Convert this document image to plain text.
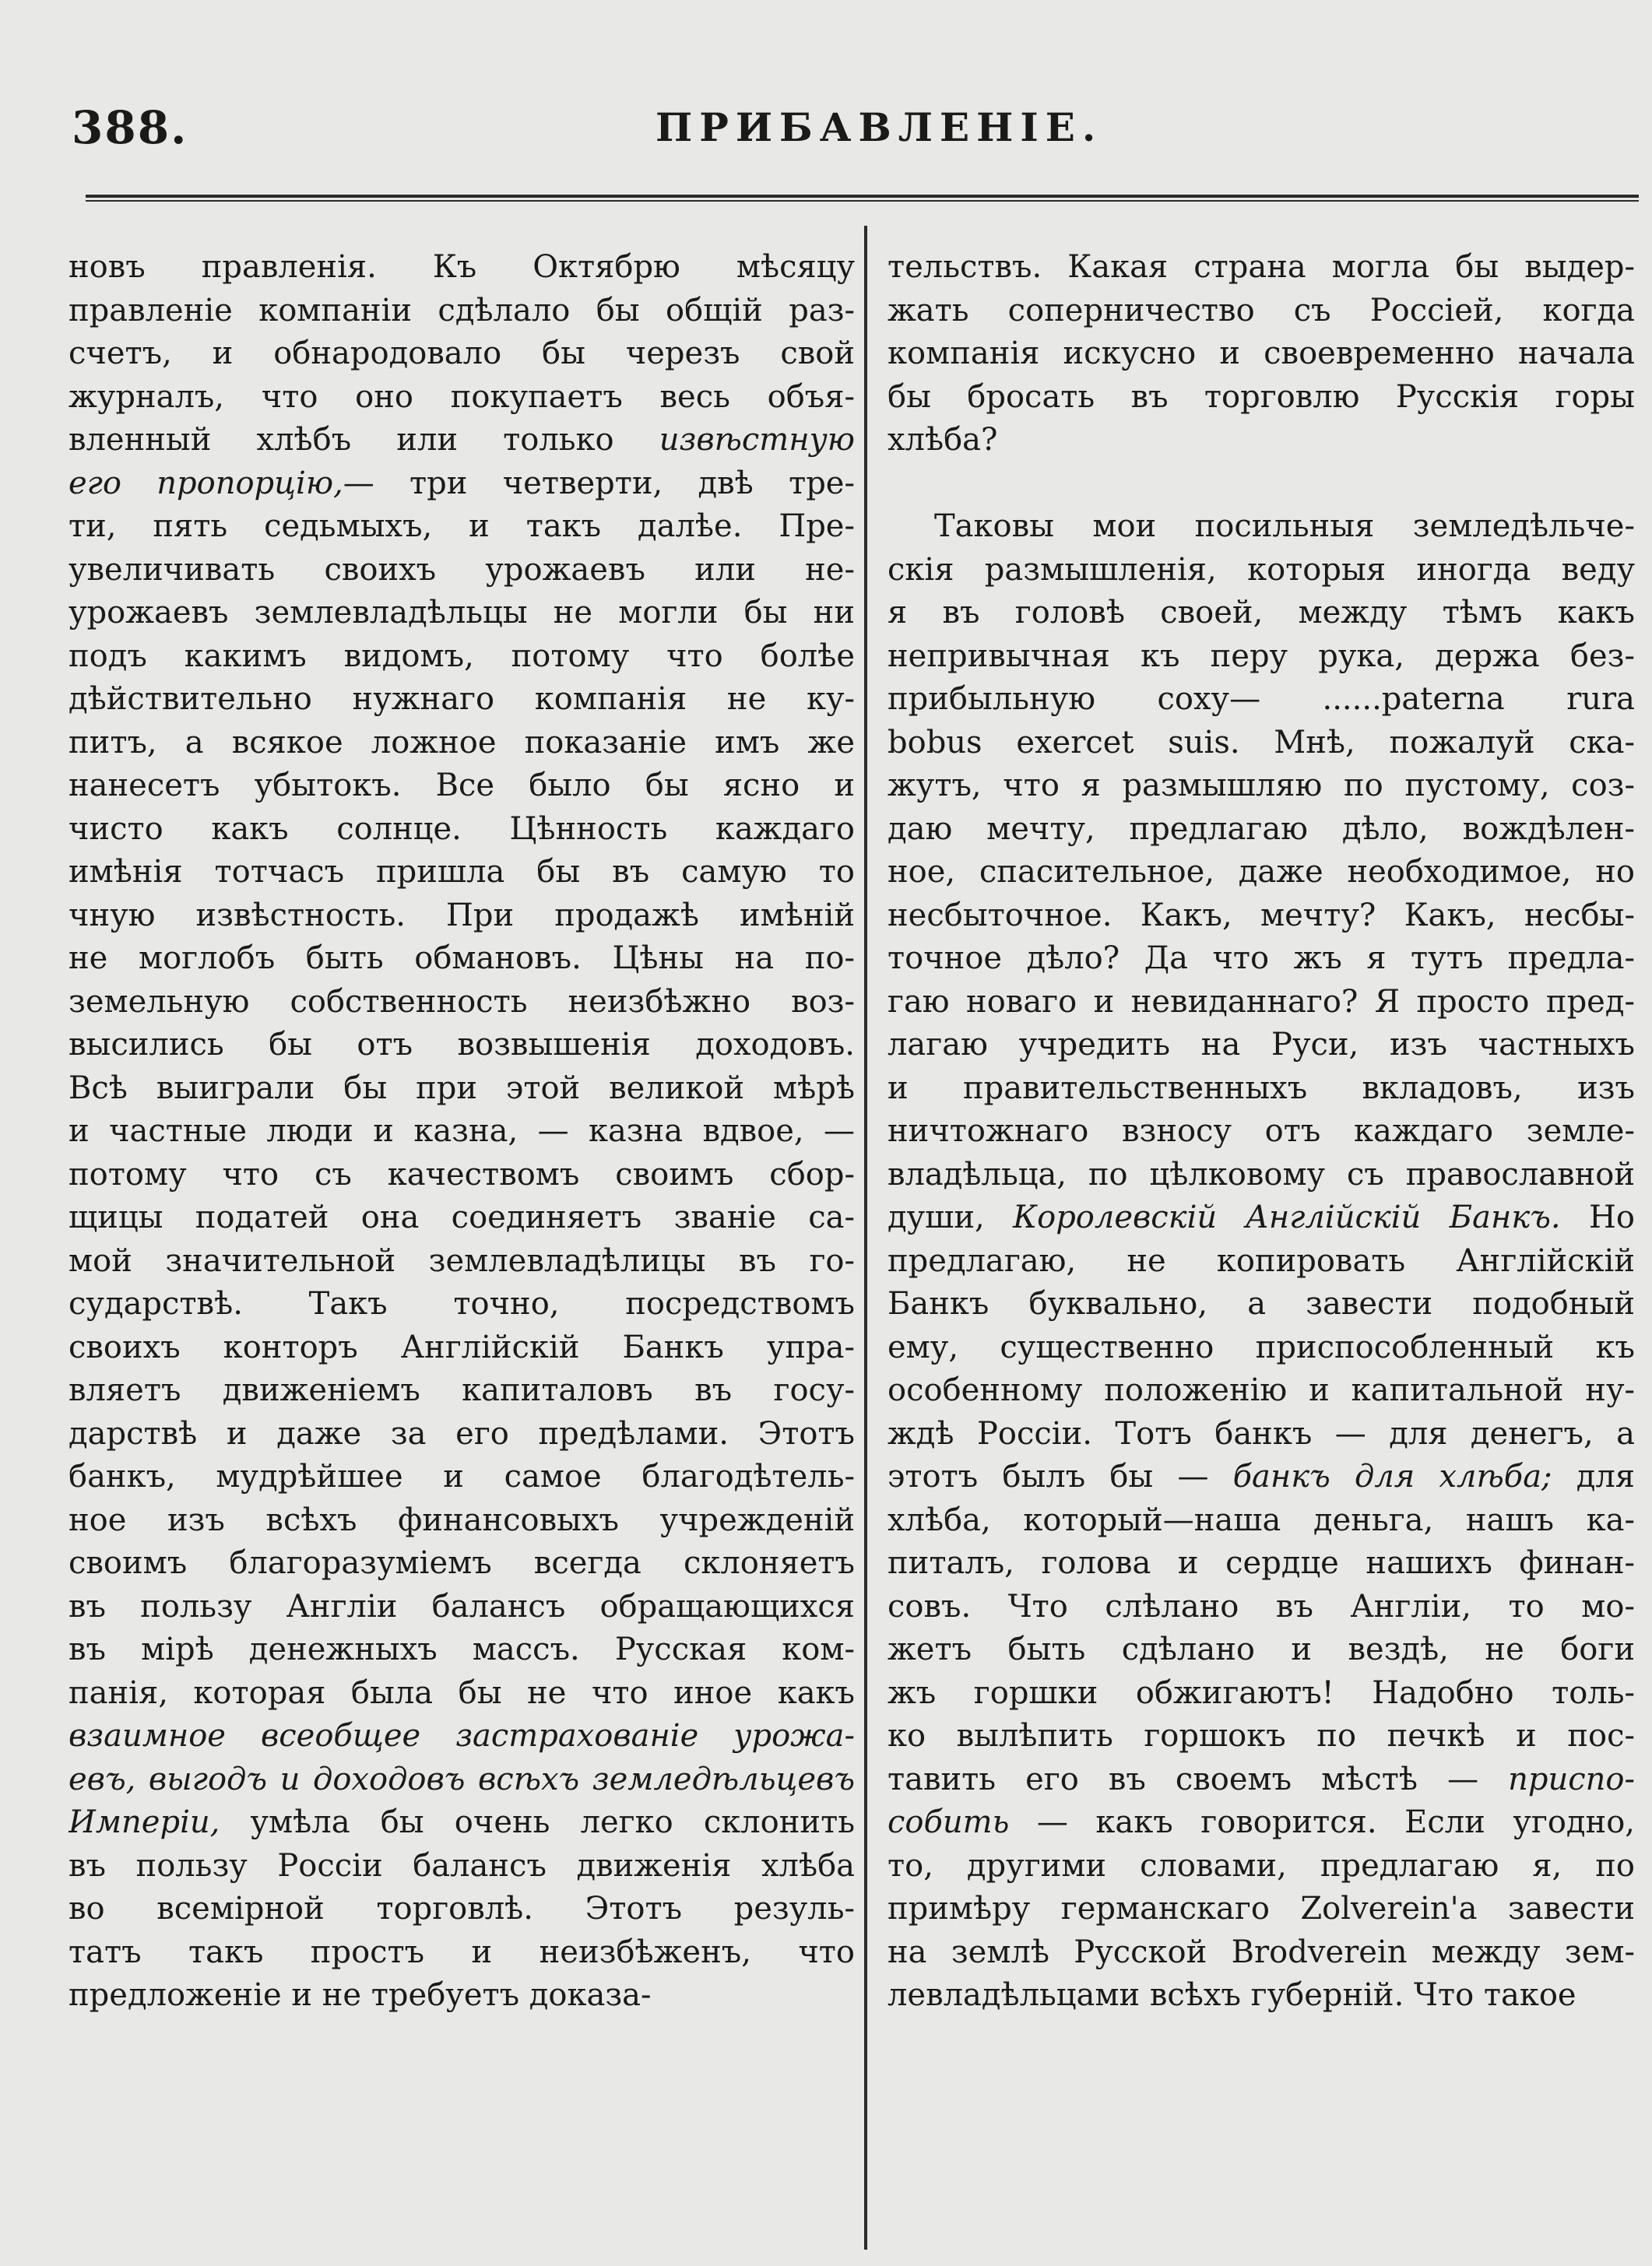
388.	ПРИБАВЛЕНІЕ.
новъ правленія. Къ Октябрю мѣсяцу
правленіе компаніи сдѣлало бы общій раз-
счетъ, и обнародовало бы черезъ свой
журналъ, что оно покупаетъ весь объя-
вленный хлѣбъ или только извѣстную
его пропорцію,— три четверти, двѣ тре-
ти, пять седьмыхъ, и такъ далѣе. Пре-
увеличивать своихъ урожаевъ или не-
урожаевъ землевладѣльцы не могли бы ни
подъ какимъ видомъ, потому что болѣе
дѣйствительно нужнаго компанія не ку-
питъ, а всякое ложное показаніе имъ же
нанесетъ убытокъ. Все было бы ясно и
чисто какъ солнце. Цѣнность каждаго
имѣнія тотчасъ пришла бы въ самую то
чную извѣстность. При продажѣ имѣній
не моглобъ быть обмановъ. Цѣны на по-
земельную собственность неизбѣжно воз-
высились бы отъ возвышенія доходовъ.
Всѣ выиграли бы при этой великой мѣрѣ
и частные люди и казна, — казна вдвое, —
потому что съ качествомъ своимъ сбор-
щицы податей она соединяетъ званіе са-
мой значительной землевладѣлицы въ го-
сударствѣ. Такъ точно, посредствомъ
своихъ конторъ Англійскій Банкъ упра-
вляетъ движеніемъ капиталовъ въ госу-
дарствѣ и даже за его предѣлами. Этотъ
банкъ, мудрѣйшее и самое благодѣтель-
ное изъ всѣхъ финансовыхъ учрежденій
своимъ благоразуміемъ всегда склоняетъ
въ пользу Англіи балансъ обращающихся
въ мірѣ денежныхъ массъ. Русская ком-
панія, которая была бы не что иное какъ
взаимное всеобщее застрахованіе урожа-
евъ, выгодъ и доходовъ всѣхъ земледѣльцевъ
Имперіи, умѣла бы очень легко склонить
въ пользу Россіи балансъ движенія хлѣба
во всемірной торговлѣ. Этотъ резуль-
татъ такъ простъ и неизбѣженъ, что
предложеніе и не требуетъ доказа-
тельствъ. Какая страна могла бы выдер-
жать соперничество съ Россіей, когда
компанія искусно и своевременно начала
бы бросать въ торговлю Русскія горы
хлѣба?
Таковы мои посильныя земледѣльче-
скія размышленія, которыя иногда веду
я въ головѣ своей, между тѣмъ какъ
непривычная къ перу рука, держа без-
прибыльную соху— ......paterna rura
bobus exercet suis. Мнѣ, пожалуй ска-
жутъ, что я размышляю по пустому, соз-
даю мечту, предлагаю дѣло, вождѣлен-
ное, спасительное, даже необходимое, но
несбыточное. Какъ, мечту? Какъ, несбы-
точное дѣло? Да что жъ я тутъ предла-
гаю новаго и невиданнаго? Я просто пред-
лагаю учредить на Руси, изъ частныхъ
и правительственныхъ вкладовъ, изъ
ничтожнаго взносу отъ каждаго земле-
владѣльца, по цѣлковому съ православной
души, Королевскій Англійскій Банкъ. Но
предлагаю, не копировать Англійскій
Банкъ буквально, а завести подобный
ему, существенно приспособленный къ
особенному положенію и капитальной ну-
ждѣ Россіи. Тотъ банкъ — для денегъ, а
этотъ былъ бы — банкъ для хлѣба; для
хлѣба, который—наша деньга, нашъ ка-
питалъ, голова и сердце нашихъ финан-
совъ. Что слѣлано въ Англіи, то мо-
жетъ быть сдѣлано и вездѣ, не боги
жъ горшки обжигаютъ! Надобно толь-
ко вылѣпить горшокъ по печкѣ и пос-
тавить его въ своемъ мѣстѣ — приспо-
собить — какъ говорится. Если угодно,
то, другими словами, предлагаю я, по
примѣру германскаго Zolverein'а завести
на землѣ Русской Brodverein между зем-
левладѣльцами всѣхъ губерній. Что такое
